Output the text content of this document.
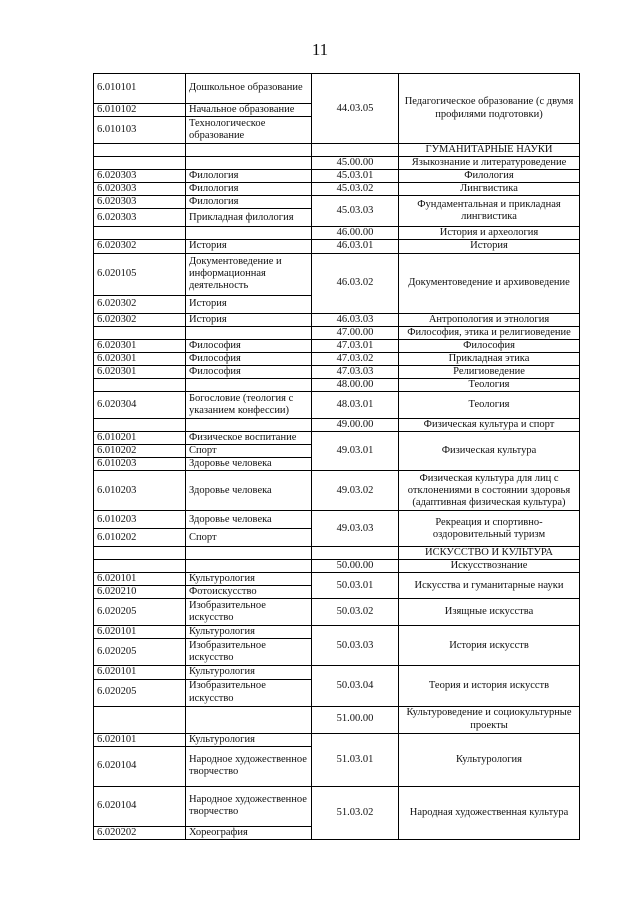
11
6.010101	Дошкольное образование	44.03.05	Педагогическое образование (с двумя профилями подготовки)
6.010102	Начальное образование		
6.010103	Технологическое образование		
			ГУМАНИТАРНЫЕ НАУКИ
		45.00.00	Языкознание и литературоведение
6.020303	Филология	45.03.01	Филология
6.020303	Филология	45.03.02	Лингвистика
6.020303	Филология	45.03.03	Фундаментальная и прикладная лингвистика
6.020303	Прикладная филология		
		46.00.00	История и археология
6.020302	История	46.03.01	История
6.020105	Документоведение и информационная деятельность	46.03.02	Документоведение и архивоведение
6.020302	История		
6.020302	История	46.03.03	Антропология и этнология
		47.00.00	Философия, этика и религиоведение
6.020301	Философия	47.03.01	Философия
6.020301	Философия	47.03.02	Прикладная этика
6.020301	Философия	47.03.03	Религиоведение
		48.00.00	Теология
6.020304	Богословие (теология с указанием конфессии)	48.03.01	Теология
		49.00.00	Физическая культура и спорт
6.010201	Физическое воспитание	49.03.01	Физическая культура
6.010202	Спорт		
6.010203	Здоровье человека		
6.010203	Здоровье человека	49.03.02	Физическая культура для лиц с отклонениями в состоянии здоровья (адаптивная физическая культура)
6.010203	Здоровье человека	49.03.03	Рекреация и спортивно-оздоровительный туризм
6.010202	Спорт		
			ИСКУССТВО И КУЛЬТУРА
		50.00.00	Искусствознание
6.020101	Культурология	50.03.01	Искусства и гуманитарные науки
6.020210	Фотоискусство		
6.020205	Изобразительное искусство	50.03.02	Изящные искусства
6.020101	Культурология	50.03.03	История искусств
6.020205	Изобразительное искусство		
6.020101	Культурология	50.03.04	Теория и история искусств
6.020205	Изобразительное искусство		
		51.00.00	Культуроведение и социокультурные проекты
6.020101	Культурология	51.03.01	Культурология
6.020104	Народное художественное творчество		
6.020104	Народное художественное творчество	51.03.02	Народная художественная культура
6.020202	Хореография		
